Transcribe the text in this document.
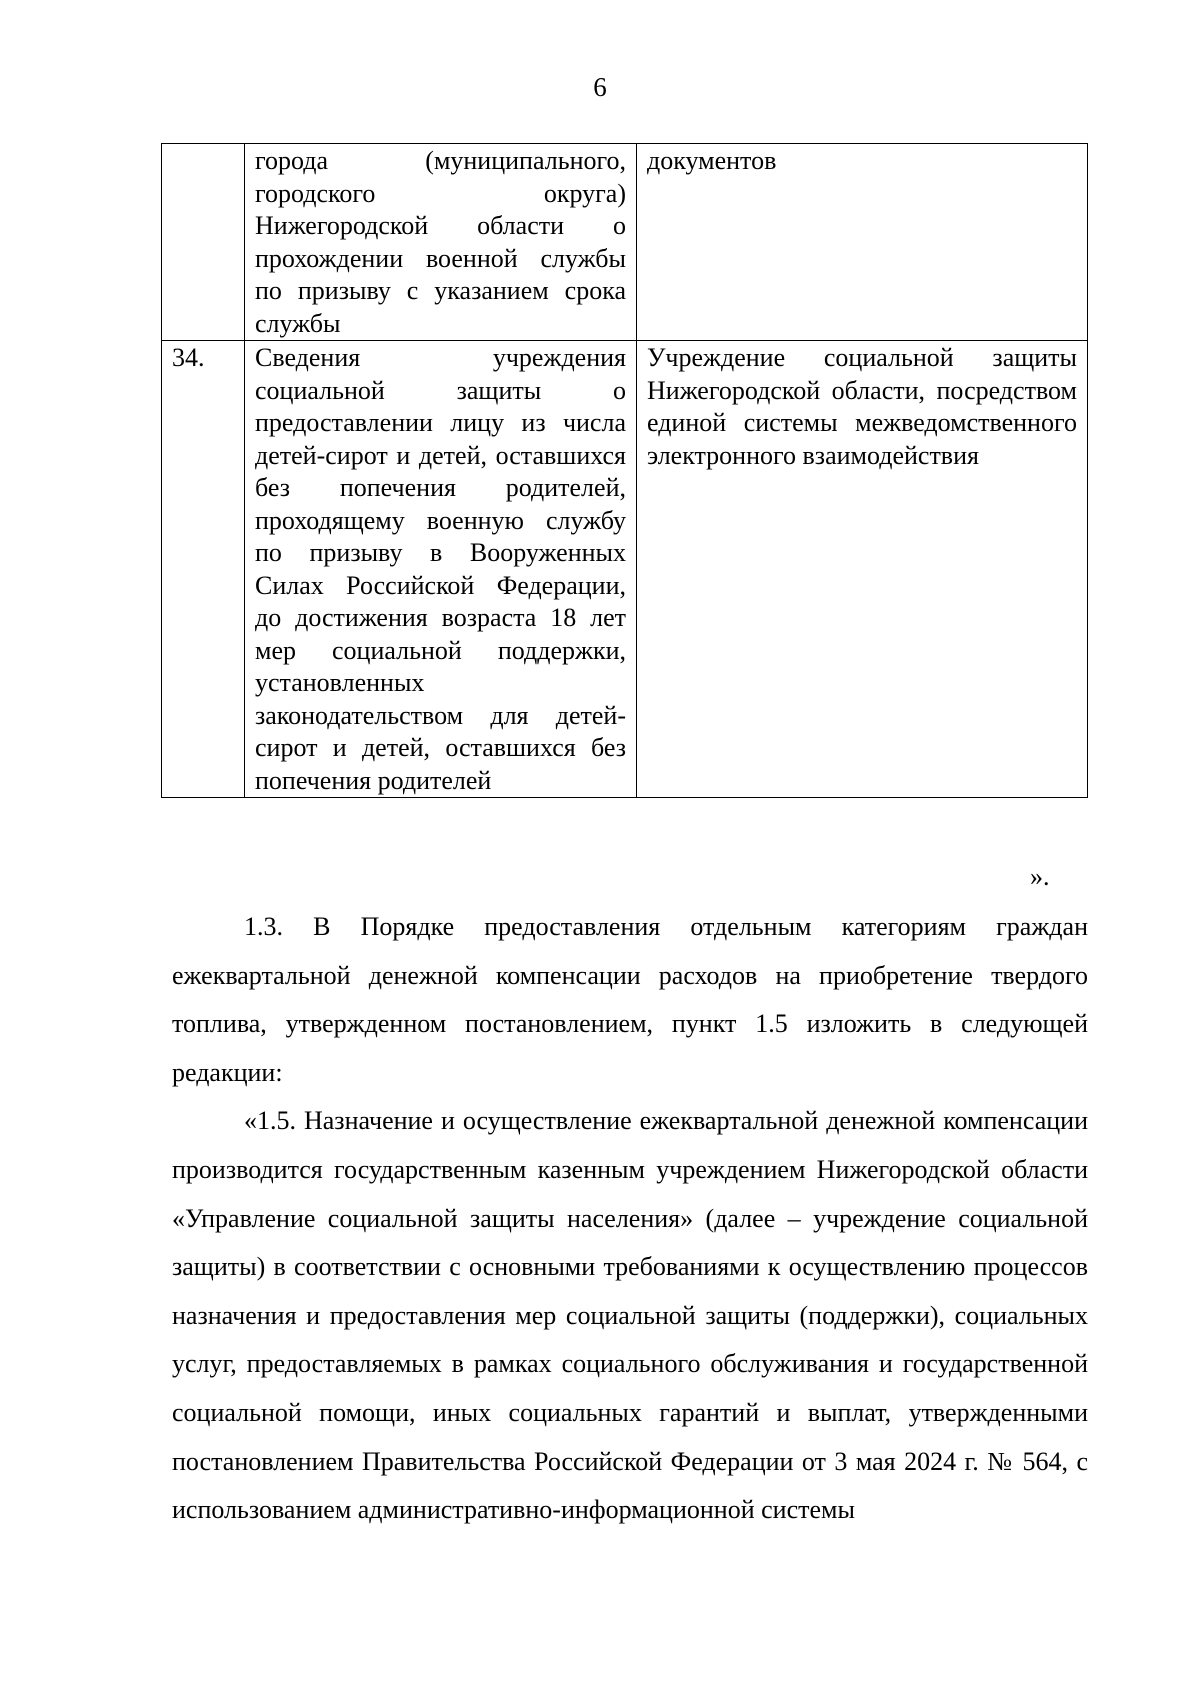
6
	города (муниципального, городского округа) Нижегородской области о прохождении военной службы по призыву с указанием срока службы	документов
34.	Сведения учреждения социальной защиты о предоставлении лицу из числа детей-сирот и детей, оставшихся без попечения родителей, проходящему военную службу по призыву в Вооруженных Силах Российской Федерации, до достижения возраста 18 лет мер социальной поддержки, установленных законодательством для детей-сирот и детей, оставшихся без попечения родителей	Учреждение социальной защиты Нижегородской области, посредством единой системы межведомственного электронного взаимодействия
».

1.3. В Порядке предоставления отдельным категориям граждан ежеквартальной денежной компенсации расходов на приобретение твердого топлива, утвержденном постановлением, пункт 1.5 изложить в следующей редакции:

«1.5. Назначение и осуществление ежеквартальной денежной компенсации производится государственным казенным учреждением Нижегородской области «Управление социальной защиты населения» (далее – учреждение социальной защиты) в соответствии с основными требованиями к осуществлению процессов назначения и предоставления мер социальной защиты (поддержки), социальных услуг, предоставляемых в рамках социального обслуживания и государственной социальной помощи, иных социальных гарантий и выплат, утвержденными постановлением Правительства Российской Федерации от 3 мая 2024 г. № 564, с использованием административно-информационной системы
